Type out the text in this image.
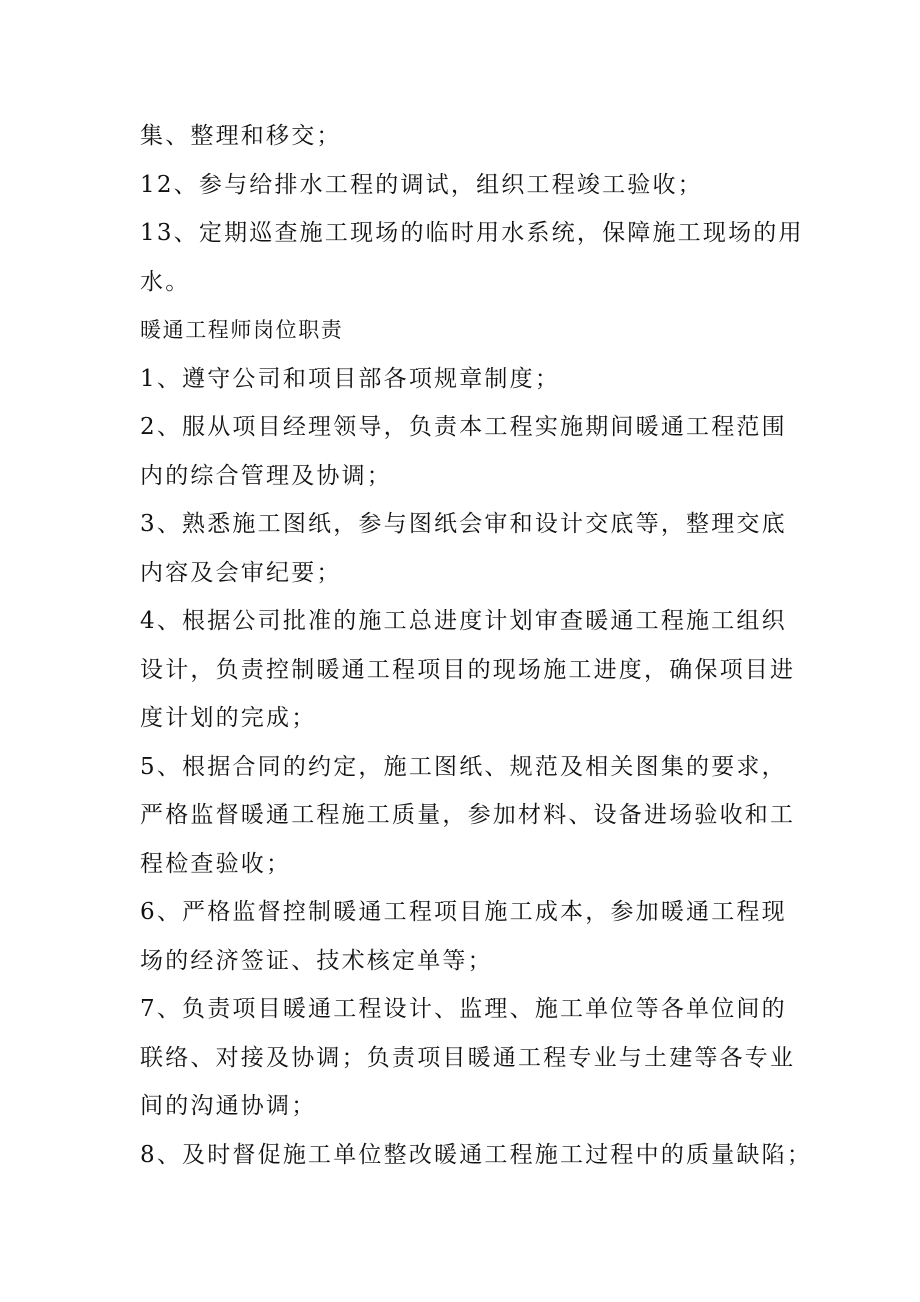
集、整理和移交；
12、参与给排水工程的调试，组织工程竣工验收；
13、定期巡查施工现场的临时用水系统，保障施工现场的用
水。
暖通工程师岗位职责
1、遵守公司和项目部各项规章制度；
2、服从项目经理领导，负责本工程实施期间暖通工程范围
内的综合管理及协调；
3、熟悉施工图纸，参与图纸会审和设计交底等，整理交底
内容及会审纪要；
4、根据公司批准的施工总进度计划审查暖通工程施工组织
设计，负责控制暖通工程项目的现场施工进度，确保项目进
度计划的完成；
5、根据合同的约定，施工图纸、规范及相关图集的要求，
严格监督暖通工程施工质量，参加材料、设备进场验收和工
程检查验收；
6、严格监督控制暖通工程项目施工成本，参加暖通工程现
场的经济签证、技术核定单等；
7、负责项目暖通工程设计、监理、施工单位等各单位间的
联络、对接及协调；负责项目暖通工程专业与土建等各专业
间的沟通协调；
8、及时督促施工单位整改暖通工程施工过程中的质量缺陷；
